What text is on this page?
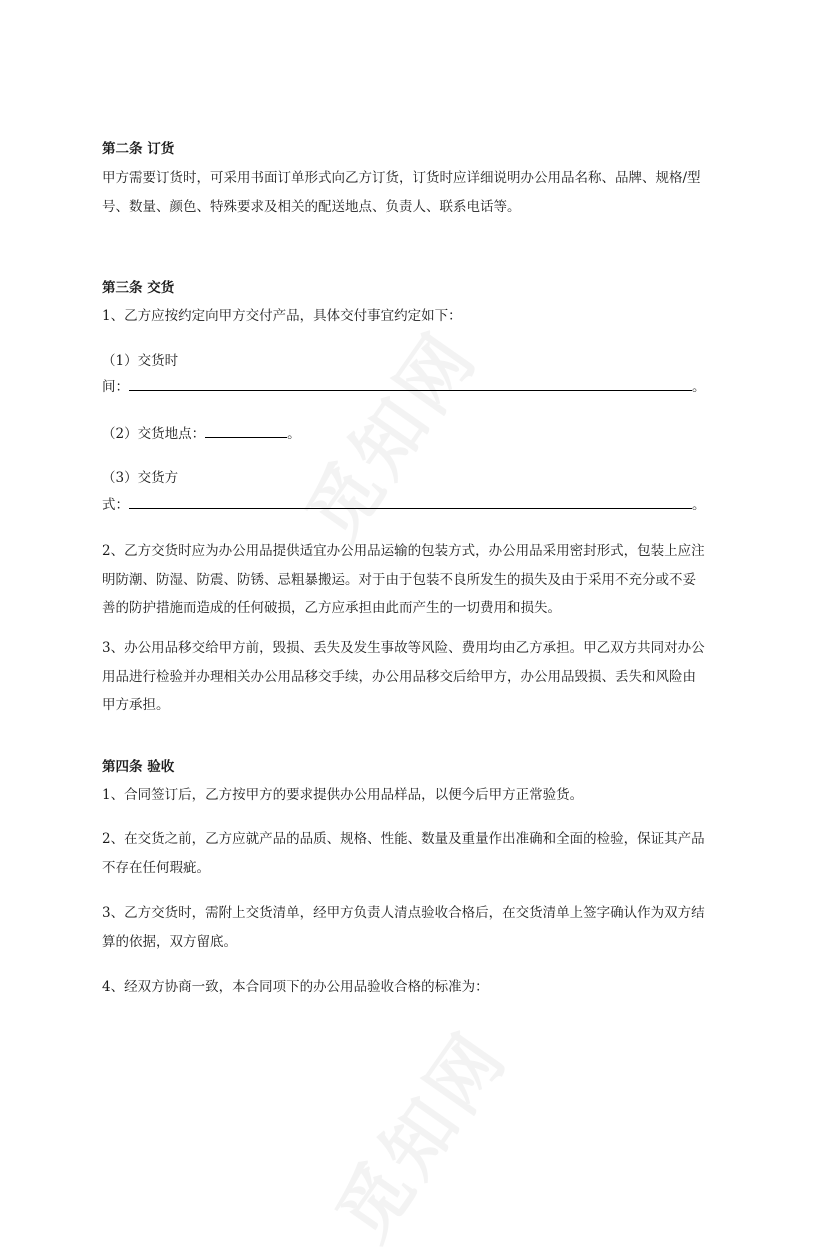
第二条 订货
甲方需要订货时，可采用书面订单形式向乙方订货，订货时应详细说明办公用品名称、品牌、规格/型
号、数量、颜色、特殊要求及相关的配送地点、负责人、联系电话等。
第三条 交货
1、乙方应按约定向甲方交付产品，具体交付事宜约定如下：
（1）交货时
间：	。
（2）交货地点：	。
（3）交货方
式：	。
2、乙方交货时应为办公用品提供适宜办公用品运输的包装方式，办公用品采用密封形式，包装上应注
明防潮、防湿、防震、防锈、忌粗暴搬运。对于由于包装不良所发生的损失及由于采用不充分或不妥
善的防护措施而造成的任何破损，乙方应承担由此而产生的一切费用和损失。
3、办公用品移交给甲方前，毁损、丢失及发生事故等风险、费用均由乙方承担。甲乙双方共同对办公
用品进行检验并办理相关办公用品移交手续，办公用品移交后给甲方，办公用品毁损、丢失和风险由
甲方承担。
第四条 验收
1、合同签订后，乙方按甲方的要求提供办公用品样品，以便今后甲方正常验货。
2、在交货之前，乙方应就产品的品质、规格、性能、数量及重量作出准确和全面的检验，保证其产品
不存在任何瑕疵。
3、乙方交货时，需附上交货清单，经甲方负责人清点验收合格后，在交货清单上签字确认作为双方结
算的依据，双方留底。
4、经双方协商一致，本合同项下的办公用品验收合格的标准为：
